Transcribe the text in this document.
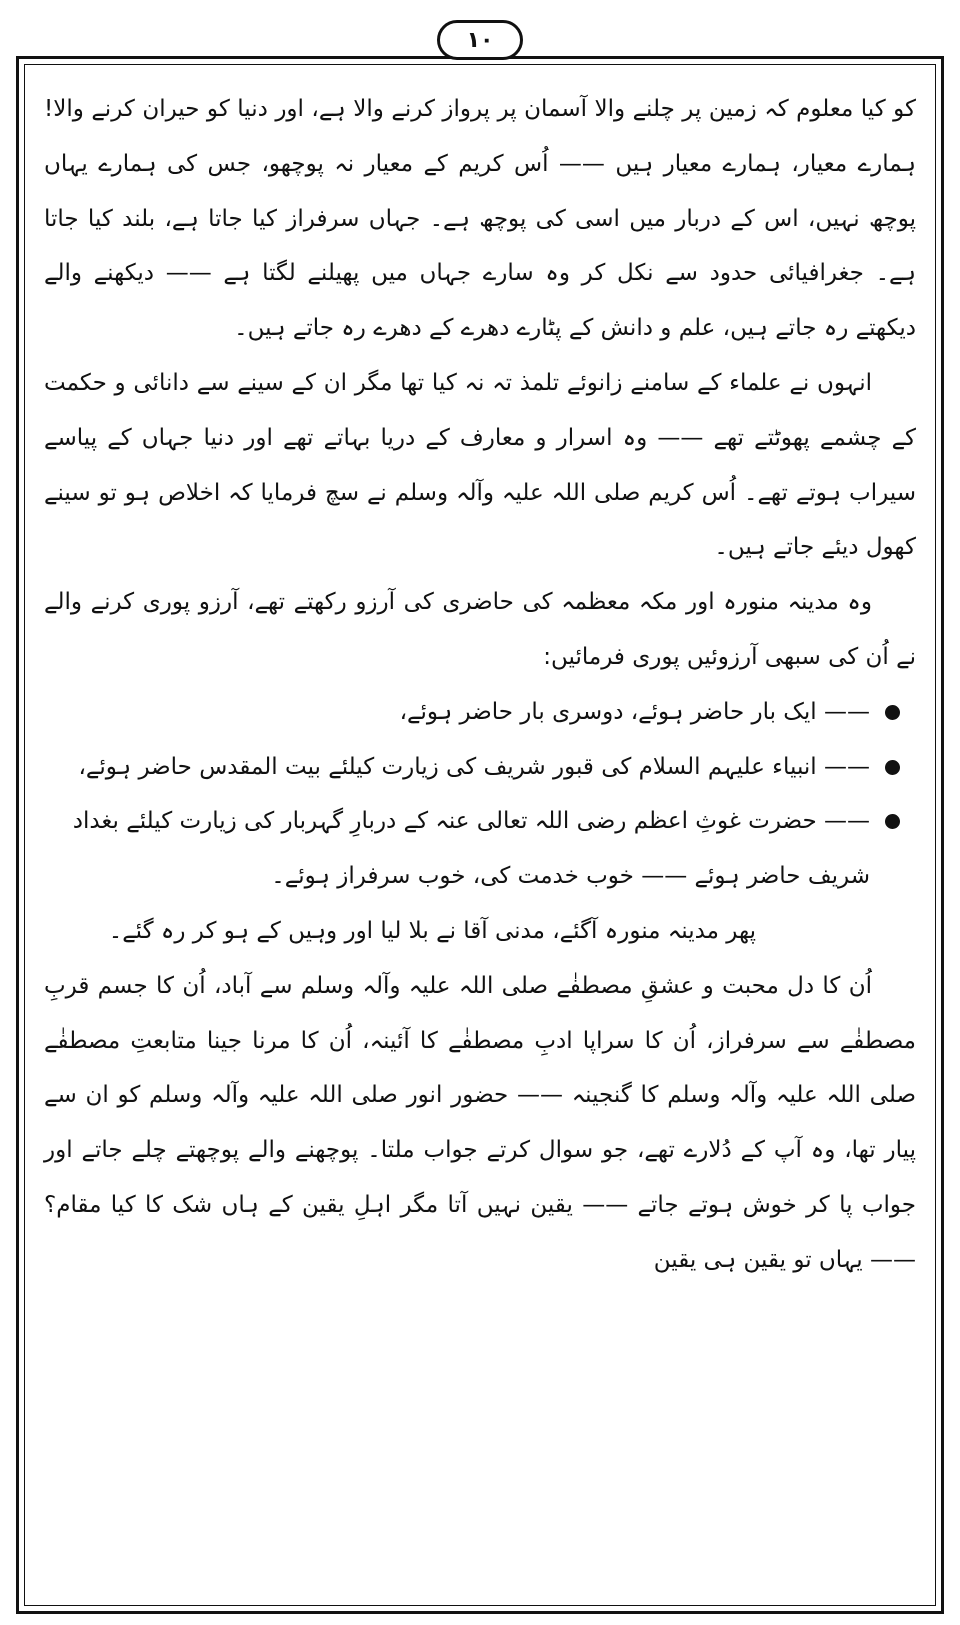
۱۰

کو کیا معلوم کہ زمین پر چلنے والا آسمان پر پرواز کرنے والا ہے، اور دنیا کو حیران کرنے والا! ہمارے معیار، ہمارے معیار ہیں —— اُس کریم کے معیار نہ پوچھو، جس کی ہمارے یہاں پوچھ نہیں، اس کے دربار میں اسی کی پوچھ ہے۔ جہاں سرفراز کیا جاتا ہے، بلند کیا جاتا ہے۔ جغرافیائی حدود سے نکل کر وہ سارے جہاں میں پھیلنے لگتا ہے —— دیکھنے والے دیکھتے رہ جاتے ہیں، علم و دانش کے پٹارے دھرے کے دھرے رہ جاتے ہیں۔

انہوں نے علماء کے سامنے زانوئے تلمذ تہ نہ کیا تھا مگر ان کے سینے سے دانائی و حکمت کے چشمے پھوٹتے تھے —— وہ اسرار و معارف کے دریا بہاتے تھے اور دنیا جہاں کے پیاسے سیراب ہوتے تھے۔ اُس کریم صلی اللہ علیہ وآلہ وسلم نے سچ فرمایا کہ اخلاص ہو تو سینے کھول دیئے جاتے ہیں۔

وہ مدینہ منورہ اور مکہ معظمہ کی حاضری کی آرزو رکھتے تھے، آرزو پوری کرنے والے نے اُن کی سبھی آرزوئیں پوری فرمائیں:

—— ایک بار حاضر ہوئے، دوسری بار حاضر ہوئے،
—— انبیاء علیہم السلام کی قبور شریف کی زیارت کیلئے بیت المقدس حاضر ہوئے،
—— حضرت غوثِ اعظم رضی اللہ تعالی عنہ کے دربارِ گہربار کی زیارت کیلئے بغداد شریف حاضر ہوئے —— خوب خدمت کی، خوب سرفراز ہوئے۔

پھر مدینہ منورہ آگئے، مدنی آقا نے بلا لیا اور وہیں کے ہو کر رہ گئے۔

اُن کا دل محبت و عشقِ مصطفٰے صلی اللہ علیہ وآلہ وسلم سے آباد، اُن کا جسم قربِ مصطفٰے سے سرفراز، اُن کا سراپا ادبِ مصطفٰے کا آئینہ، اُن کا مرنا جینا متابعتِ مصطفٰے صلی اللہ علیہ وآلہ وسلم کا گنجینہ —— حضور انور صلی اللہ علیہ وآلہ وسلم کو ان سے پیار تھا، وہ آپ کے دُلارے تھے، جو سوال کرتے جواب ملتا۔ پوچھنے والے پوچھتے چلے جاتے اور جواب پا کر خوش ہوتے جاتے —— یقین نہیں آتا مگر اہلِ یقین کے ہاں شک کا کیا مقام؟ —— یہاں تو یقین ہی یقین
